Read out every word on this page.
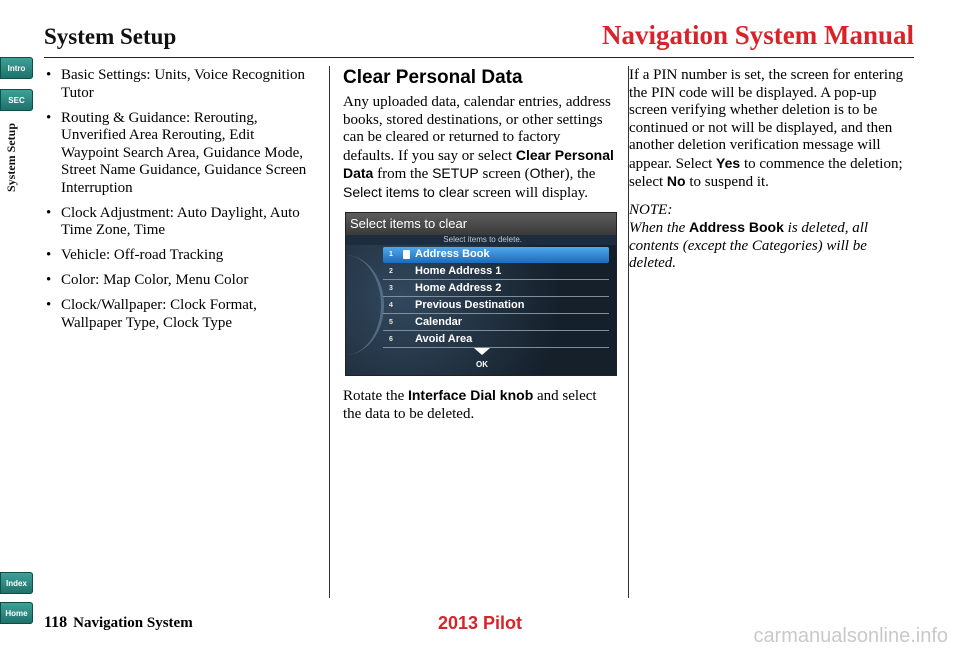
System Setup	Navigation System Manual
Intro
SEC
System Setup
Index
Home
• Basic Settings: Units, Voice Recognition Tutor
• Routing & Guidance: Rerouting, Unverified Area Rerouting, Edit Waypoint Search Area, Guidance Mode, Street Name Guidance, Guidance Screen Interruption
• Clock Adjustment: Auto Daylight, Auto Time Zone, Time
• Vehicle: Off-road Tracking
• Color: Map Color, Menu Color
• Clock/Wallpaper: Clock Format, Wallpaper Type, Clock Type
Clear Personal Data

Any uploaded data, calendar entries, address books, stored destinations, or other settings can be cleared or returned to factory defaults. If you say or select Clear Personal Data from the SETUP screen (Other), the Select items to clear screen will display.

Select items to clear
Select items to delete.
1 Address Book
2 Home Address 1
3 Home Address 2
4 Previous Destination
5 Calendar
6 Avoid Area
OK

Rotate the Interface Dial knob and select the data to be deleted.

If a PIN number is set, the screen for entering the PIN code will be displayed. A pop-up screen verifying whether deletion is to be continued or not will be displayed, and then another deletion verification message will appear. Select Yes to commence the deletion; select No to suspend it.

NOTE:

When the Address Book is deleted, all contents (except the Categories) will be deleted.

118 Navigation System	2013 Pilot
carmanualsonline.info
